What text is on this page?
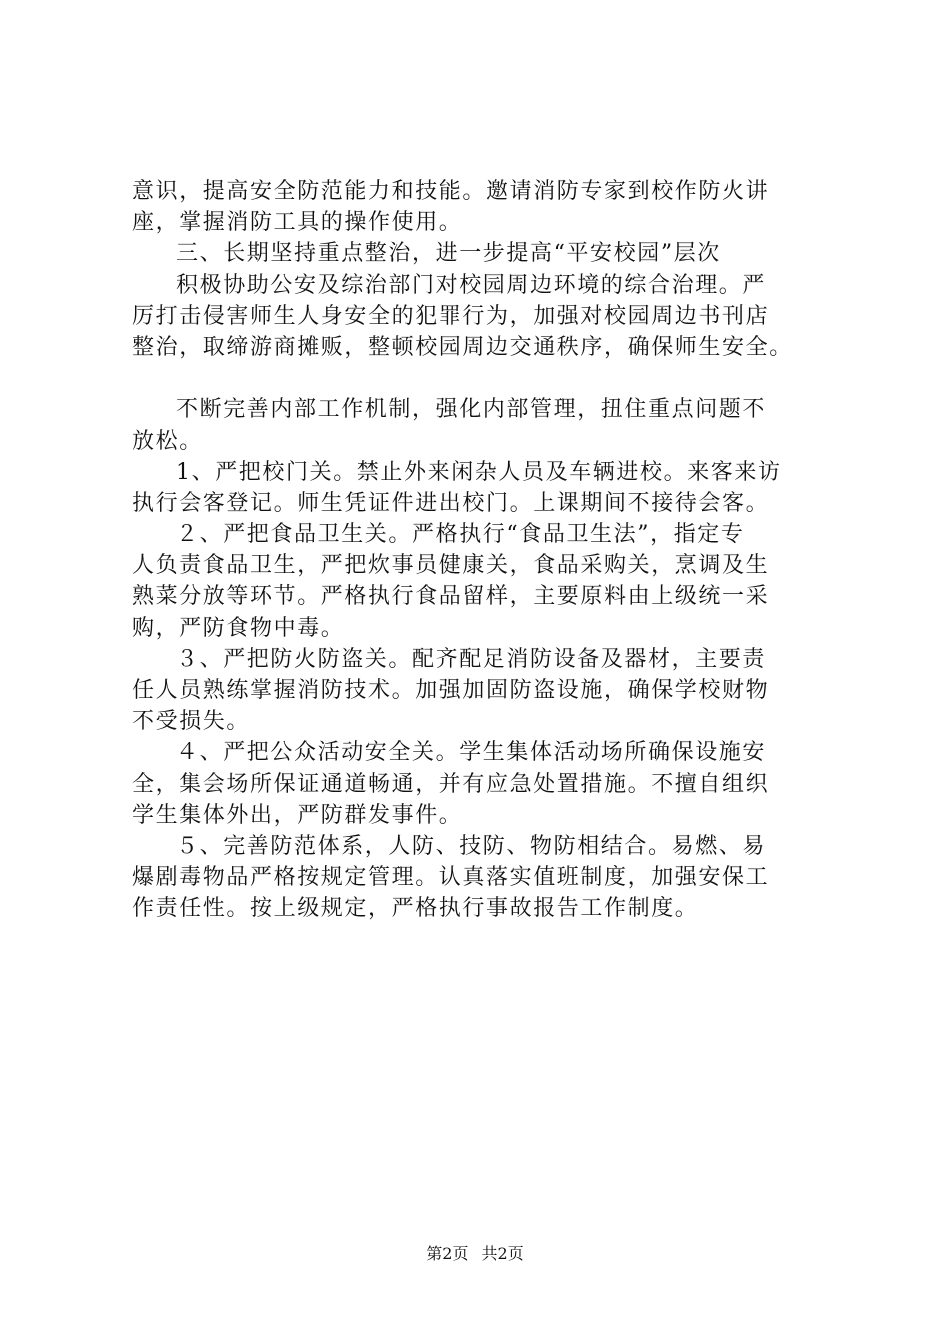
意识，提高安全防范能力和技能。邀请消防专家到校作防火讲
座，掌握消防工具的操作使用。
三、长期坚持重点整治，进一步提高“平安校园”层次
积极协助公安及综治部门对校园周边环境的综合治理。严
厉打击侵害师生人身安全的犯罪行为，加强对校园周边书刊店
整治，取缔游商摊贩，整顿校园周边交通秩序，确保师生安全。
不断完善内部工作机制，强化内部管理，扭住重点问题不
放松。
1、严把校门关。禁止外来闲杂人员及车辆进校。来客来访
执行会客登记。师生凭证件进出校门。上课期间不接待会客。
２、严把食品卫生关。严格执行“食品卫生法”，指定专
人负责食品卫生，严把炊事员健康关，食品采购关，烹调及生
熟菜分放等环节。严格执行食品留样，主要原料由上级统一采
购，严防食物中毒。
３、严把防火防盗关。配齐配足消防设备及器材，主要责
任人员熟练掌握消防技术。加强加固防盗设施，确保学校财物
不受损失。
４、严把公众活动安全关。学生集体活动场所确保设施安
全，集会场所保证通道畅通，并有应急处置措施。不擅自组织
学生集体外出，严防群发事件。
５、完善防范体系，人防、技防、物防相结合。易燃、易
爆剧毒物品严格按规定管理。认真落实值班制度，加强安保工
作责任性。按上级规定，严格执行事故报告工作制度。
第2页 共2页
